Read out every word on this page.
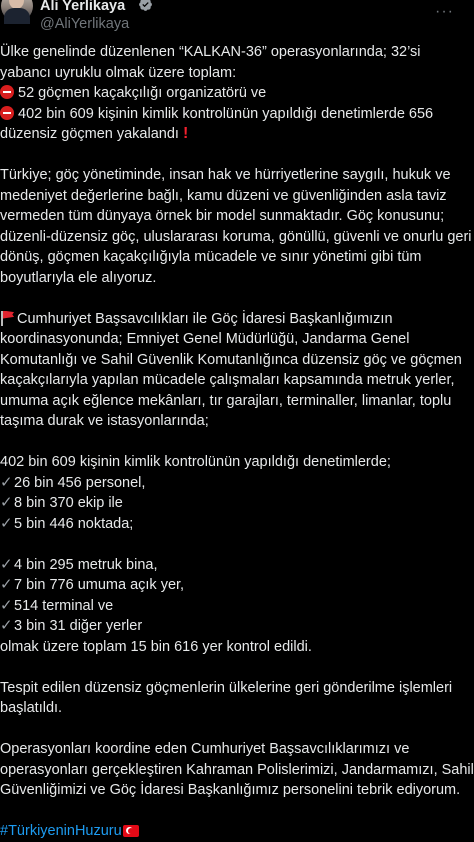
Ali Yerlikaya
@AliYerlikaya
···
Ülke genelinde düzenlenen “KALKAN-36” operasyonlarında; 32’si
yabancı uyruklu olmak üzere toplam:
52 göçmen kaçakçılığı organizatörü ve
402 bin 609 kişinin kimlik kontrolünün yapıldığı denetimlerde 656
düzensiz göçmen yakalandı !
Türkiye; göç yönetiminde, insan hak ve hürriyetlerine saygılı, hukuk ve
medeniyet değerlerine bağlı, kamu düzeni ve güvenliğinden asla taviz
vermeden tüm dünyaya örnek bir model sunmaktadır. Göç konusunu;
düzenli-düzensiz göç, uluslararası koruma, gönüllü, güvenli ve onurlu geri
dönüş, göçmen kaçakçılığıyla mücadele ve sınır yönetimi gibi tüm
boyutlarıyla ele alıyoruz.
Cumhuriyet Başsavcılıkları ile Göç İdaresi Başkanlığımızın
koordinasyonunda; Emniyet Genel Müdürlüğü, Jandarma Genel
Komutanlığı ve Sahil Güvenlik Komutanlığınca düzensiz göç ve göçmen
kaçakçılarıyla yapılan mücadele çalışmaları kapsamında metruk yerler,
umuma açık eğlence mekânları, tır garajları, terminaller, limanlar, toplu
taşıma durak ve istasyonlarında;
402 bin 609 kişinin kimlik kontrolünün yapıldığı denetimlerde;
✓26 bin 456 personel,
✓8 bin 370 ekip ile
✓5 bin 446 noktada;
✓4 bin 295 metruk bina,
✓7 bin 776 umuma açık yer,
✓514 terminal ve
✓3 bin 31 diğer yerler
olmak üzere toplam 15 bin 616 yer kontrol edildi.
Tespit edilen düzensiz göçmenlerin ülkelerine geri gönderilme işlemleri
başlatıldı.
Operasyonları koordine eden Cumhuriyet Başsavcılıklarımızı ve
operasyonları gerçekleştiren Kahraman Polislerimizi, Jandarmamızı, Sahil
Güvenliğimizi ve Göç İdaresi Başkanlığımız personelini tebrik ediyorum.
#TürkiyeninHuzuru
